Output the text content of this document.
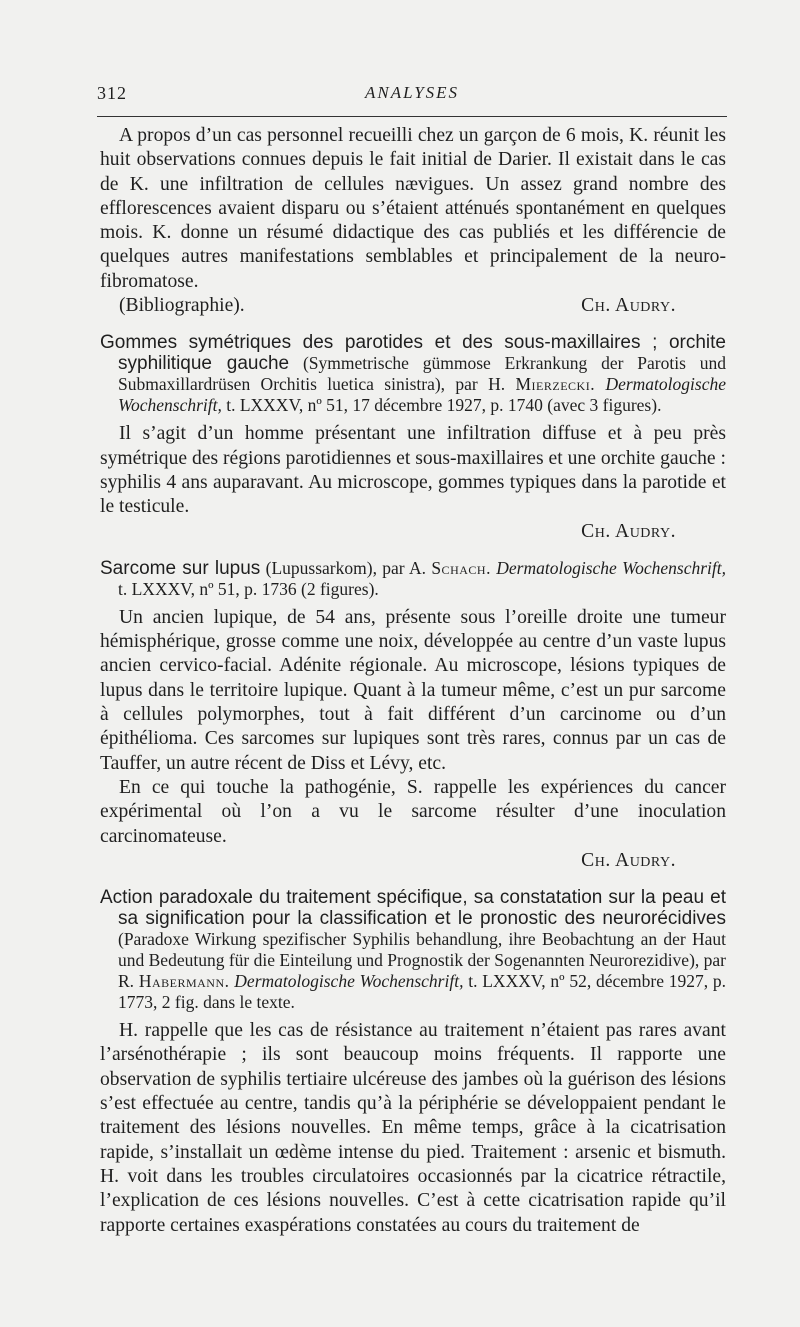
312	ANALYSES

A propos d’un cas personnel recueilli chez un garçon de 6 mois, K. réunit les huit observations connues depuis le fait initial de Darier. Il existait dans le cas de K. une infiltration de cellules nævigues. Un assez grand nombre des efflorescences avaient disparu ou s’étaient atténués spontanément en quelques mois. K. donne un résumé didactique des cas publiés et les différencie de quelques autres manifestations semblables et principalement de la neuro-fibromatose.

(Bibliographie).	Ch. Audry.
Gommes symétriques des parotides et des sous-maxillaires ; orchite syphilitique gauche (Symmetrische gümmose Erkrankung der Parotis und Submaxillardrüsen Orchitis luetica sinistra), par H. Mierzecki. Dermatologische Wochenschrift, t. LXXXV, nº 51, 17 décembre 1927, p. 1740 (avec 3 figures).

Il s’agit d’un homme présentant une infiltration diffuse et à peu près symétrique des régions parotidiennes et sous-maxillaires et une orchite gauche : syphilis 4 ans auparavant. Au microscope, gommes typiques dans la parotide et le testicule.

Ch. Audry.
Sarcome sur lupus (Lupussarkom), par A. Schach. Dermatologische Wochenschrift, t. LXXXV, nº 51, p. 1736 (2 figures).

Un ancien lupique, de 54 ans, présente sous l’oreille droite une tumeur hémisphérique, grosse comme une noix, développée au centre d’un vaste lupus ancien cervico-facial. Adénite régionale. Au microscope, lésions typiques de lupus dans le territoire lupique. Quant à la tumeur même, c’est un pur sarcome à cellules polymorphes, tout à fait différent d’un carcinome ou d’un épithélioma. Ces sarcomes sur lupiques sont très rares, connus par un cas de Tauffer, un autre récent de Diss et Lévy, etc.

En ce qui touche la pathogénie, S. rappelle les expériences du cancer expérimental où l’on a vu le sarcome résulter d’une inoculation carcinomateuse.

Ch. Audry.
Action paradoxale du traitement spécifique, sa constatation sur la peau et sa signification pour la classification et le pronostic des neurorécidives (Paradoxe Wirkung spezifischer Syphilis behandlung, ihre Beobachtung an der Haut und Bedeutung für die Einteilung und Prognostik der Sogenannten Neurorezidive), par R. Habermann. Dermatologische Wochenschrift, t. LXXXV, nº 52, décembre 1927, p. 1773, 2 fig. dans le texte.

H. rappelle que les cas de résistance au traitement n’étaient pas rares avant l’arsénothérapie ; ils sont beaucoup moins fréquents. Il rapporte une observation de syphilis tertiaire ulcéreuse des jambes où la guérison des lésions s’est effectuée au centre, tandis qu’à la périphérie se développaient pendant le traitement des lésions nouvelles. En même temps, grâce à la cicatrisation rapide, s’installait un œdème intense du pied. Traitement : arsenic et bismuth. H. voit dans les troubles circulatoires occasionnés par la cicatrice rétractile, l’explication de ces lésions nouvelles. C’est à cette cicatrisation rapide qu’il rapporte certaines exaspérations constatées au cours du traitement de
